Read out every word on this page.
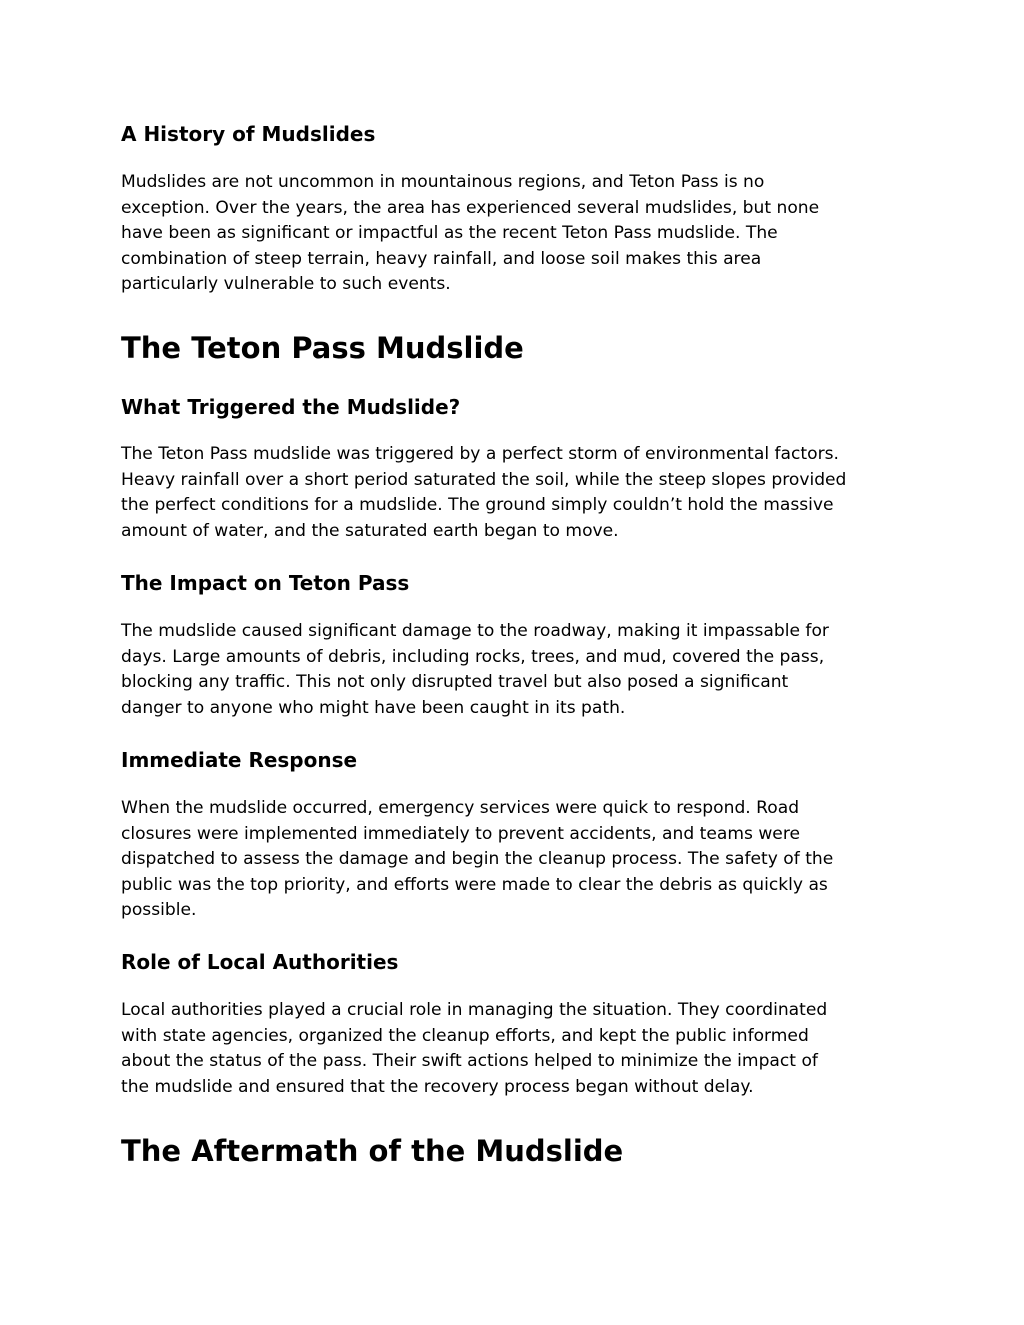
A History of Mudslides

Mudslides are not uncommon in mountainous regions, and Teton Pass is no
exception. Over the years, the area has experienced several mudslides, but none
have been as significant or impactful as the recent Teton Pass mudslide. The
combination of steep terrain, heavy rainfall, and loose soil makes this area
particularly vulnerable to such events.

The Teton Pass Mudslide
What Triggered the Mudslide?

The Teton Pass mudslide was triggered by a perfect storm of environmental factors.
Heavy rainfall over a short period saturated the soil, while the steep slopes provided
the perfect conditions for a mudslide. The ground simply couldn’t hold the massive
amount of water, and the saturated earth began to move.

The Impact on Teton Pass

The mudslide caused significant damage to the roadway, making it impassable for
days. Large amounts of debris, including rocks, trees, and mud, covered the pass,
blocking any traffic. This not only disrupted travel but also posed a significant
danger to anyone who might have been caught in its path.

Immediate Response

When the mudslide occurred, emergency services were quick to respond. Road
closures were implemented immediately to prevent accidents, and teams were
dispatched to assess the damage and begin the cleanup process. The safety of the
public was the top priority, and efforts were made to clear the debris as quickly as
possible.

Role of Local Authorities

Local authorities played a crucial role in managing the situation. They coordinated
with state agencies, organized the cleanup efforts, and kept the public informed
about the status of the pass. Their swift actions helped to minimize the impact of
the mudslide and ensured that the recovery process began without delay.

The Aftermath of the Mudslide
